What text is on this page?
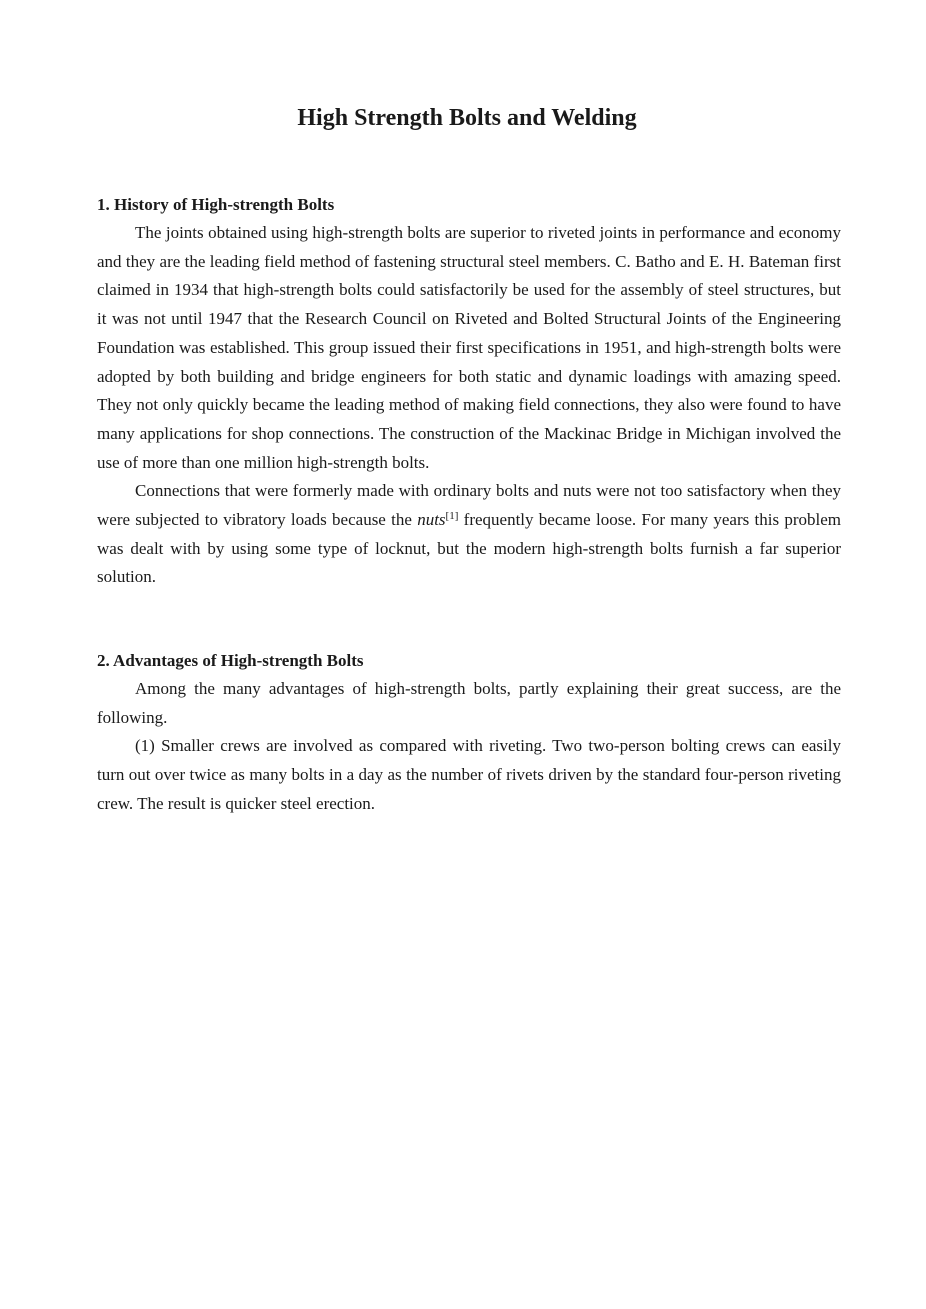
High Strength Bolts and Welding
1. History of High-strength Bolts

The joints obtained using high-strength bolts are superior to riveted joints in performance and economy and they are the leading field method of fastening structural steel members. C. Batho and E. H. Bateman first claimed in 1934 that high-strength bolts could satisfactorily be used for the assembly of steel structures, but it was not until 1947 that the Research Council on Riveted and Bolted Structural Joints of the Engineering Foundation was established. This group issued their first specifications in 1951, and high-strength bolts were adopted by both building and bridge engineers for both static and dynamic loadings with amazing speed. They not only quickly became the leading method of making field connections, they also were found to have many applications for shop connections. The construction of the Mackinac Bridge in Michigan involved the use of more than one million high-strength bolts.

Connections that were formerly made with ordinary bolts and nuts were not too satisfactory when they were subjected to vibratory loads because the nuts[1] frequently became loose. For many years this problem was dealt with by using some type of locknut, but the modern high-strength bolts furnish a far superior solution.

2. Advantages of High-strength Bolts

Among the many advantages of high-strength bolts, partly explaining their great success, are the following.

(1) Smaller crews are involved as compared with riveting. Two two-person bolting crews can easily turn out over twice as many bolts in a day as the number of rivets driven by the standard four-person riveting crew. The result is quicker steel erection.
